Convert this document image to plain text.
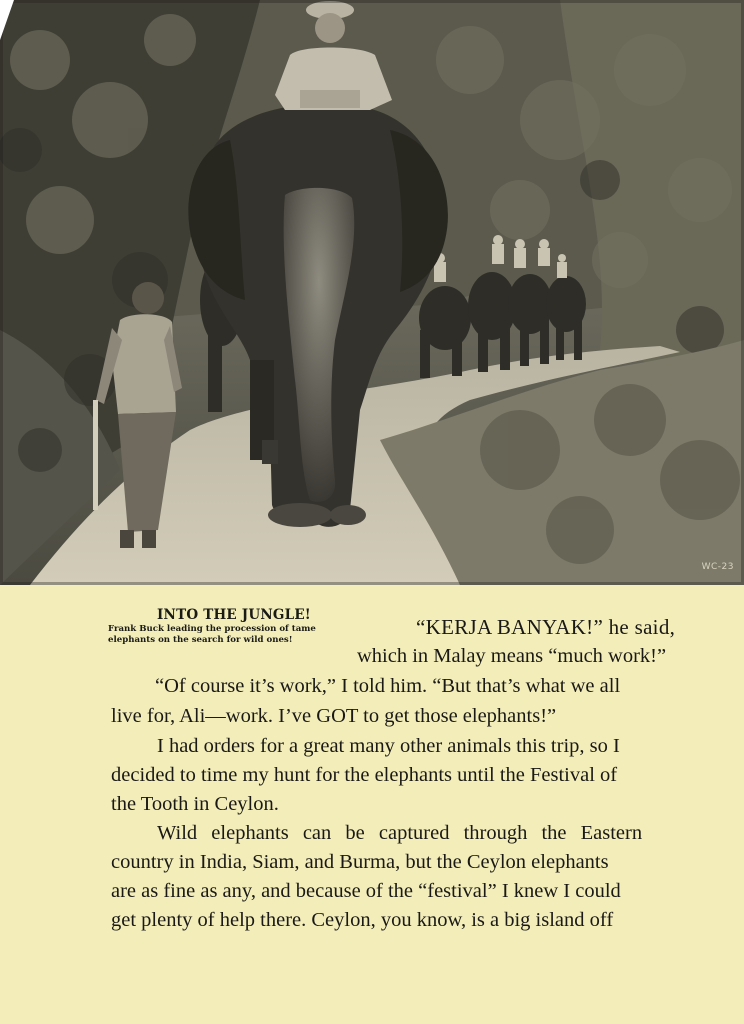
WC-23
INTO THE JUNGLE!
Frank Buck leading the procession of tame
elephants on the search for wild ones!
“KERJA BANYAK!” he said,
which in Malay means “much work!”
“Of course it’s work,” I told him. “But that’s what we all
live for, Ali—work. I’ve GOT to get those elephants!”
I had orders for a great many other animals this trip, so I
decided to time my hunt for the elephants until the Festival of
the Tooth in Ceylon.
Wild elephants can be captured through the Eastern
country in India, Siam, and Burma, but the Ceylon elephants
are as fine as any, and because of the “festival” I knew I could
get plenty of help there. Ceylon, you know, is a big island off
